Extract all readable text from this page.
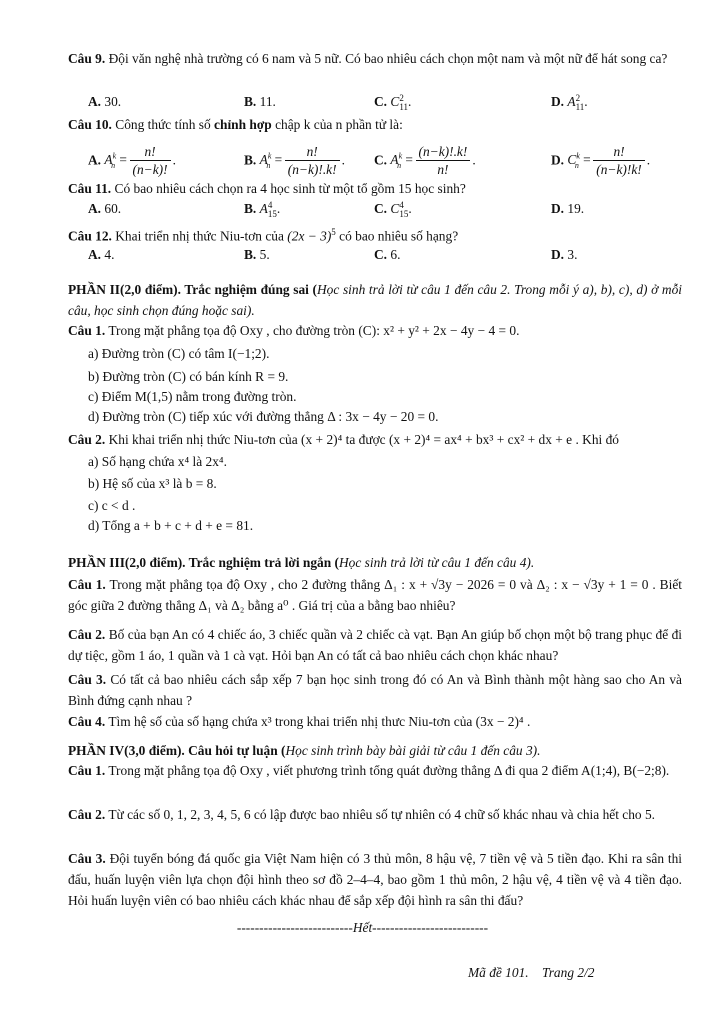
Câu 9. Đội văn nghệ nhà trường có 6 nam và 5 nữ. Có bao nhiêu cách chọn một nam và một nữ để hát song ca?
A. 30.	B. 11.	C. C 2
11 .	D. A 2
11 .
Câu 10. Công thức tính số chỉnh hợp chập k của n phần tử là:
A. $A^k_n = \frac{n!}{(n-k)!}$ .	B. $A^k_n = \frac{n!}{(n-k)!.k!}$ . C. $A^k_n = \frac{(n-k)!.k!}{n!}$ .	D. $C^k_n = \frac{n!}{(n-k)!k!}$ .
Câu 11. Có bao nhiêu cách chọn ra 4 học sinh từ một tổ gồm 15 học sinh?
A. 60.	B. A 4
15 .	C. C 4
15 .	D. 19.
Câu 12. Khai triển nhị thức Niu-tơn của $(2x - 3)^5$ có bao nhiêu số hạng?
A. 4.	B. 5.	C. 6.	D. 3.
PHẦN II(2,0 điểm). Trắc nghiệm đúng sai (Học sinh trả lời từ câu 1 đến câu 2. Trong mỗi ý a), b), c), d) ở mỗi câu, học sinh chọn đúng hoặc sai).
Câu 1. Trong mặt phẳng tọa độ Oxy , cho đường tròn (C): x² + y² + 2x − 4y − 4 = 0.
a) Đường tròn (C) có tâm I(−1;2).
b) Đường tròn (C) có bán kính R = 9.
c) Điểm M(1,5) nằm trong đường tròn.
d) Đường tròn (C) tiếp xúc với đường thẳng Δ : 3x − 4y − 20 = 0.
Câu 2. Khi khai triển nhị thức Niu-tơn của (x + 2)⁴ ta được (x + 2)⁴ = ax⁴ + bx³ + cx² + dx + e . Khi đó
a) Số hạng chứa x⁴ là 2x⁴.
b) Hệ số của x³ là b = 8.
c) c < d .
d) Tổng a + b + c + d + e = 81.
PHẦN III(2,0 điểm). Trắc nghiệm trả lời ngắn (Học sinh trả lời từ câu 1 đến câu 4).
Câu 1. Trong mặt phẳng tọa độ Oxy , cho 2 đường thẳng Δ₁ : x + √3y − 2026 = 0 và Δ₂ : x − √3y + 1 = 0 . Biết góc giữa 2 đường thẳng Δ₁ và Δ₂ bằng a⁰ . Giá trị của a bằng bao nhiêu?
Câu 2. Bố của bạn An có 4 chiếc áo, 3 chiếc quần và 2 chiếc cà vạt. Bạn An giúp bố chọn một bộ trang phục để đi dự tiệc, gồm 1 áo, 1 quần và 1 cà vạt. Hỏi bạn An có tất cả bao nhiêu cách chọn khác nhau?
Câu 3. Có tất cả bao nhiêu cách sắp xếp 7 bạn học sinh trong đó có An và Bình thành một hàng sao cho An và Bình đứng cạnh nhau ?
Câu 4. Tìm hệ số của số hạng chứa x³ trong khai triển nhị thưc Niu-tơn của (3x − 2)⁴ .
PHẦN IV(3,0 điểm). Câu hỏi tự luận (Học sinh trình bày bài giải từ câu 1 đến câu 3).
Câu 1. Trong mặt phẳng tọa độ Oxy , viết phương trình tổng quát đường thẳng Δ đi qua 2 điểm A(1;4), B(−2;8).
Câu 2. Từ các số 0, 1, 2, 3, 4, 5, 6 có lập được bao nhiêu số tự nhiên có 4 chữ số khác nhau và chia hết cho 5.
Câu 3. Đội tuyển bóng đá quốc gia Việt Nam hiện có 3 thủ môn, 8 hậu vệ, 7 tiền vệ và 5 tiền đạo. Khi ra sân thi đấu, huấn luyện viên lựa chọn đội hình theo sơ đồ 2–4–4, bao gồm 1 thủ môn, 2 hậu vệ, 4 tiền vệ và 4 tiền đạo. Hỏi huấn luyện viên có bao nhiêu cách khác nhau để sắp xếp đội hình ra sân thi đấu?
--------------------------Hết--------------------------
Mã đề 101. Trang 2/2
